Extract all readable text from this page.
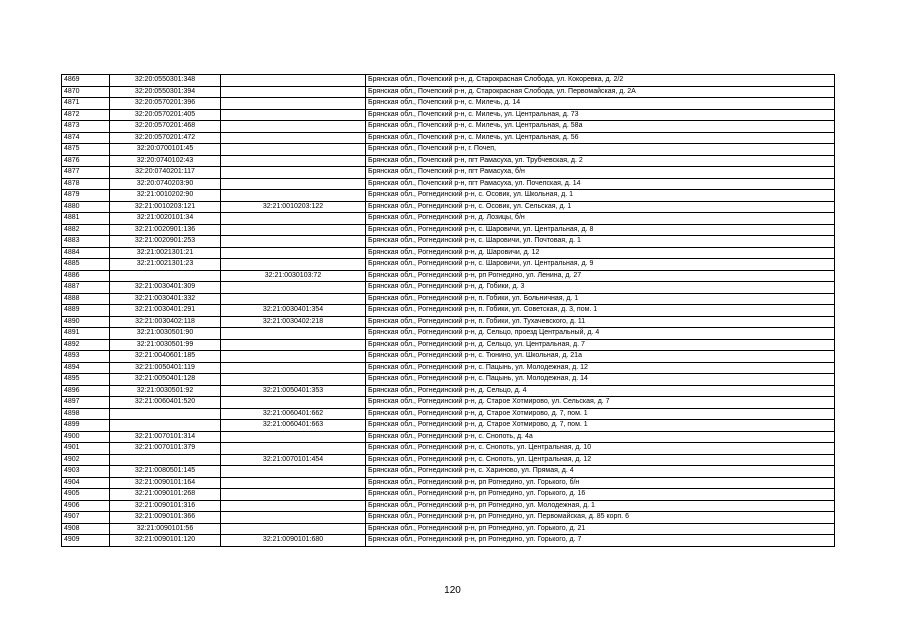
4869	32:20:0550301:348		Брянская обл., Почепский р-н, д. Старокрасная Слобода, ул. Кокоревка, д. 2/2
4870	32:20:0550301:394		Брянская обл., Почепский р-н, д. Старокрасная Слобода, ул. Первомайская, д. 2А
4871	32:20:0570201:396		Брянская обл., Почепский р-н, с. Милечь, д. 14
4872	32:20:0570201:405		Брянская обл., Почепский р-н, с. Милечь, ул. Центральная, д. 73
4873	32:20:0570201:468		Брянская обл., Почепский р-н, с. Милечь, ул. Центральная, д. 58а
4874	32:20:0570201:472		Брянская обл., Почепский р-н, с. Милечь, ул. Центральная, д. 56
4875	32:20:0700101:45		Брянская обл., Почепский р-н, г. Почеп,
4876	32:20:0740102:43		Брянская обл., Почепский р-н, пгт Рамасуха, ул. Трубчевская, д. 2
4877	32:20:0740201:117		Брянская обл., Почепский р-н, пгт Рамасуха, б/н
4878	32:20:0740203:90		Брянская обл., Почепский р-н, пгт Рамасуха, ул. Почепская, д. 14
4879	32:21:0010202:90		Брянская обл., Рогнединский р-н, с. Осовик, ул. Школьная, д. 1
4880	32:21:0010203:121	32:21:0010203:122	Брянская обл., Рогнединский р-н, с. Осовик, ул. Сельская, д. 1
4881	32:21:0020101:34		Брянская обл., Рогнединский р-н, д. Лозицы, б/н
4882	32:21:0020901:136		Брянская обл., Рогнединский р-н, с. Шаровичи, ул. Центральная, д. 8
4883	32:21:0020901:253		Брянская обл., Рогнединский р-н, с. Шаровичи, ул. Почтовая, д. 1
4884	32:21:0021301:21		Брянская обл., Рогнединский р-н, д. Шаровичи, д. 12
4885	32:21:0021301:23		Брянская обл., Рогнединский р-н, с. Шаровичи, ул. Центральная, д. 9
4886		32:21:0030103:72	Брянская обл., Рогнединский р-н, рп Рогнедино, ул. Ленина, д. 27
4887	32:21:0030401:309		Брянская обл., Рогнединский р-н, д. Гобики, д. 3
4888	32:21:0030401:332		Брянская обл., Рогнединский р-н, п. Гобики, ул. Больничная, д. 1
4889	32:21:0030401:291	32:21:0030401:354	Брянская обл., Рогнединский р-н, п. Гобики, ул. Советская, д. 3, пом. 1
4890	32:21:0030402:118	32:21:0030402:218	Брянская обл., Рогнединский р-н, п. Гобики, ул. Тухачевского, д. 11
4891	32:21:0030501:90		Брянская обл., Рогнединский р-н, д. Сельцо, проезд Центральный, д. 4
4892	32:21:0030501:99		Брянская обл., Рогнединский р-н, д. Сельцо, ул. Центральная, д. 7
4893	32:21:0040601:185		Брянская обл., Рогнединский р-н, с. Тюнино, ул. Школьная, д. 21а
4894	32:21:0050401:119		Брянская обл., Рогнединский р-н, с. Пацынь, ул. Молодежная, д. 12
4895	32:21:0050401:128		Брянская обл., Рогнединский р-н, с. Пацынь, ул. Молодежная, д. 14
4896	32:21:0030501:92	32:21:0050401:353	Брянская обл., Рогнединский р-н, д. Сельцо, д. 4
4897	32:21:0060401:520		Брянская обл., Рогнединский р-н, д. Старое Хотмирово, ул. Сельская, д. 7
4898		32:21:0060401:662	Брянская обл., Рогнединский р-н, д. Старое Хотмирово, д. 7, пом. 1
4899		32:21:0060401:663	Брянская обл., Рогнединский р-н, д. Старое Хотмирово, д. 7, пом. 1
4900	32:21:0070101:314		Брянская обл., Рогнединский р-н, с. Снопоть, д. 4а
4901	32:21:0070101:379		Брянская обл., Рогнединский р-н, с. Снопоть, ул. Центральная, д. 10
4902		32:21:0070101:454	Брянская обл., Рогнединский р-н, с. Снопоть, ул. Центральная, д. 12
4903	32:21:0080501:145		Брянская обл., Рогнединский р-н, с. Хариново, ул. Прямая, д. 4
4904	32:21:0090101:164		Брянская обл., Рогнединский р-н, рп Рогнедино, ул. Горького, б/н
4905	32:21:0090101:268		Брянская обл., Рогнединский р-н, рп Рогнедино, ул. Горького, д. 16
4906	32:21:0090101:316		Брянская обл., Рогнединский р-н, рп Рогнедино, ул. Молодежная, д. 1
4907	32:21:0090101:366		Брянская обл., Рогнединский р-н, рп Рогнедино, ул. Первомайская, д. 85 корп. 6
4908	32:21:0090101:56		Брянская обл., Рогнединский р-н, рп Рогнедино, ул. Горького, д. 21
4909	32:21:0090101:120	32:21:0090101:680	Брянская обл., Рогнединский р-н, рп Рогнедино, ул. Горького, д. 7
120
